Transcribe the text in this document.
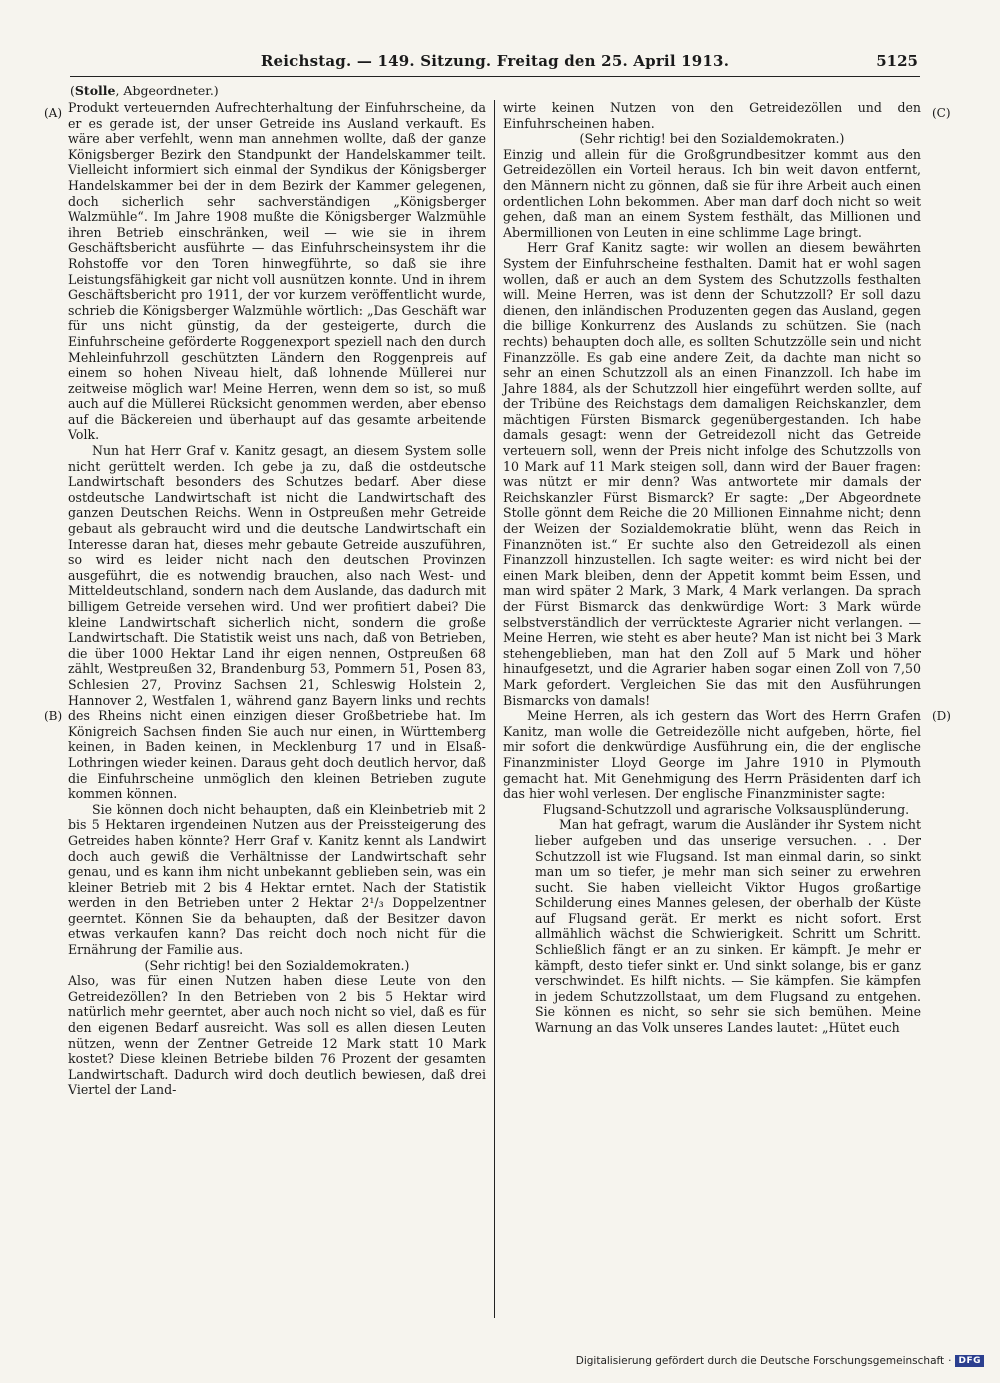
Reichstag. — 149. Sitzung. Freitag den 25. April 1913.	5125
(Stolle, Abgeordneter.)
(A)
(B)
(C)
(D)

Produkt verteuernden Aufrechterhaltung der Einfuhrscheine, da er es gerade ist, der unser Getreide ins Ausland verkauft. Es wäre aber verfehlt, wenn man annehmen wollte, daß der ganze Königsberger Bezirk den Standpunkt der Handelskammer teilt. Vielleicht informiert sich einmal der Syndikus der Königsberger Handelskammer bei der in dem Bezirk der Kammer gelegenen, doch sicherlich sehr sachverständigen „Königsberger Walzmühle“. Im Jahre 1908 mußte die Königsberger Walzmühle ihren Betrieb einschränken, weil — wie sie in ihrem Geschäftsbericht ausführte — das Einfuhrscheinsystem ihr die Rohstoffe vor den Toren hinwegführte, so daß sie ihre Leistungsfähigkeit gar nicht voll ausnützen konnte. Und in ihrem Geschäftsbericht pro 1911, der vor kurzem veröffentlicht wurde, schrieb die Königsberger Walzmühle wörtlich: „Das Geschäft war für uns nicht günstig, da der gesteigerte, durch die Einfuhrscheine geförderte Roggenexport speziell nach den durch Mehleinfuhrzoll geschützten Ländern den Roggenpreis auf einem so hohen Niveau hielt, daß lohnende Müllerei nur zeitweise möglich war! Meine Herren, wenn dem so ist, so muß auch auf die Müllerei Rücksicht genommen werden, aber ebenso auf die Bäckereien und überhaupt auf das gesamte arbeitende Volk.

Nun hat Herr Graf v. Kanitz gesagt, an diesem System solle nicht gerüttelt werden. Ich gebe ja zu, daß die ostdeutsche Landwirtschaft besonders des Schutzes bedarf. Aber diese ostdeutsche Landwirtschaft ist nicht die Landwirtschaft des ganzen Deutschen Reichs. Wenn in Ostpreußen mehr Getreide gebaut als gebraucht wird und die deutsche Landwirtschaft ein Interesse daran hat, dieses mehr gebaute Getreide auszuführen, so wird es leider nicht nach den deutschen Provinzen ausgeführt, die es notwendig brauchen, also nach West- und Mitteldeutschland, sondern nach dem Auslande, das dadurch mit billigem Getreide versehen wird. Und wer profitiert dabei? Die kleine Landwirtschaft sicherlich nicht, sondern die große Landwirtschaft. Die Statistik weist uns nach, daß von Betrieben, die über 1000 Hektar Land ihr eigen nennen, Ostpreußen 68 zählt, Westpreußen 32, Brandenburg 53, Pommern 51, Posen 83, Schlesien 27, Provinz Sachsen 21, Schleswig Holstein 2, Hannover 2, Westfalen 1, während ganz Bayern links und rechts des Rheins nicht einen einzigen dieser Großbetriebe hat. Im Königreich Sachsen finden Sie auch nur einen, in Württemberg keinen, in Baden keinen, in Mecklenburg 17 und in Elsaß-Lothringen wieder keinen. Daraus geht doch deutlich hervor, daß die Einfuhrscheine unmöglich den kleinen Betrieben zugute kommen können.

Sie können doch nicht behaupten, daß ein Kleinbetrieb mit 2 bis 5 Hektaren irgendeinen Nutzen aus der Preissteigerung des Getreides haben könnte? Herr Graf v. Kanitz kennt als Landwirt doch auch gewiß die Verhältnisse der Landwirtschaft sehr genau, und es kann ihm nicht unbekannt geblieben sein, was ein kleiner Betrieb mit 2 bis 4 Hektar erntet. Nach der Statistik werden in den Betrieben unter 2 Hektar 2¹/₃ Doppelzentner geerntet. Können Sie da behaupten, daß der Besitzer davon etwas verkaufen kann? Das reicht doch noch nicht für die Ernährung der Familie aus.

(Sehr richtig! bei den Sozialdemokraten.)

Also, was für einen Nutzen haben diese Leute von den Getreidezöllen? In den Betrieben von 2 bis 5 Hektar wird natürlich mehr geerntet, aber auch noch nicht so viel, daß es für den eigenen Bedarf ausreicht. Was soll es allen diesen Leuten nützen, wenn der Zentner Getreide 12 Mark statt 10 Mark kostet? Diese kleinen Betriebe bilden 76 Prozent der gesamten Landwirtschaft. Dadurch wird doch deutlich bewiesen, daß drei Viertel der Land-

wirte keinen Nutzen von den Getreidezöllen und den Einfuhrscheinen haben.

(Sehr richtig! bei den Sozialdemokraten.)

Einzig und allein für die Großgrundbesitzer kommt aus den Getreidezöllen ein Vorteil heraus. Ich bin weit davon entfernt, den Männern nicht zu gönnen, daß sie für ihre Arbeit auch einen ordentlichen Lohn bekommen. Aber man darf doch nicht so weit gehen, daß man an einem System festhält, das Millionen und Abermillionen von Leuten in eine schlimme Lage bringt.

Herr Graf Kanitz sagte: wir wollen an diesem bewährten System der Einfuhrscheine festhalten. Damit hat er wohl sagen wollen, daß er auch an dem System des Schutzzolls festhalten will. Meine Herren, was ist denn der Schutzzoll? Er soll dazu dienen, den inländischen Produzenten gegen das Ausland, gegen die billige Konkurrenz des Auslands zu schützen. Sie (nach rechts) behaupten doch alle, es sollten Schutzzölle sein und nicht Finanzzölle. Es gab eine andere Zeit, da dachte man nicht so sehr an einen Schutzzoll als an einen Finanzzoll. Ich habe im Jahre 1884, als der Schutzzoll hier eingeführt werden sollte, auf der Tribüne des Reichstags dem damaligen Reichskanzler, dem mächtigen Fürsten Bismarck gegenübergestanden. Ich habe damals gesagt: wenn der Getreidezoll nicht das Getreide verteuern soll, wenn der Preis nicht infolge des Schutzzolls von 10 Mark auf 11 Mark steigen soll, dann wird der Bauer fragen: was nützt er mir denn? Was antwortete mir damals der Reichskanzler Fürst Bismarck? Er sagte: „Der Abgeordnete Stolle gönnt dem Reiche die 20 Millionen Einnahme nicht; denn der Weizen der Sozialdemokratie blüht, wenn das Reich in Finanznöten ist.“ Er suchte also den Getreidezoll als einen Finanzzoll hinzustellen. Ich sagte weiter: es wird nicht bei der einen Mark bleiben, denn der Appetit kommt beim Essen, und man wird später 2 Mark, 3 Mark, 4 Mark verlangen. Da sprach der Fürst Bismarck das denkwürdige Wort: 3 Mark würde selbstverständlich der verrückteste Agrarier nicht verlangen. — Meine Herren, wie steht es aber heute? Man ist nicht bei 3 Mark stehengeblieben, man hat den Zoll auf 5 Mark und höher hinaufgesetzt, und die Agrarier haben sogar einen Zoll von 7,50 Mark gefordert. Vergleichen Sie das mit den Ausführungen Bismarcks von damals!

Meine Herren, als ich gestern das Wort des Herrn Grafen Kanitz, man wolle die Getreidezölle nicht aufgeben, hörte, fiel mir sofort die denkwürdige Ausführung ein, die der englische Finanzminister Lloyd George im Jahre 1910 in Plymouth gemacht hat. Mit Genehmigung des Herrn Präsidenten darf ich das hier wohl verlesen. Der englische Finanzminister sagte:

Flugsand-Schutzzoll und agrarische Volksausplünderung.

Man hat gefragt, warum die Ausländer ihr System nicht lieber aufgeben und das unserige versuchen. . . Der Schutzzoll ist wie Flugsand. Ist man einmal darin, so sinkt man um so tiefer, je mehr man sich seiner zu erwehren sucht. Sie haben vielleicht Viktor Hugos großartige Schilderung eines Mannes gelesen, der oberhalb der Küste auf Flugsand gerät. Er merkt es nicht sofort. Erst allmählich wächst die Schwierigkeit. Schritt um Schritt. Schließlich fängt er an zu sinken. Er kämpft. Je mehr er kämpft, desto tiefer sinkt er. Und sinkt solange, bis er ganz verschwindet. Es hilft nichts. — Sie kämpfen. Sie kämpfen in jedem Schutzzollstaat, um dem Flugsand zu entgehen. Sie können es nicht, so sehr sie sich bemühen. Meine Warnung an das Volk unseres Landes lautet: „Hütet euch

Digitalisierung gefördert durch die Deutsche Forschungsgemeinschaft · DFG
